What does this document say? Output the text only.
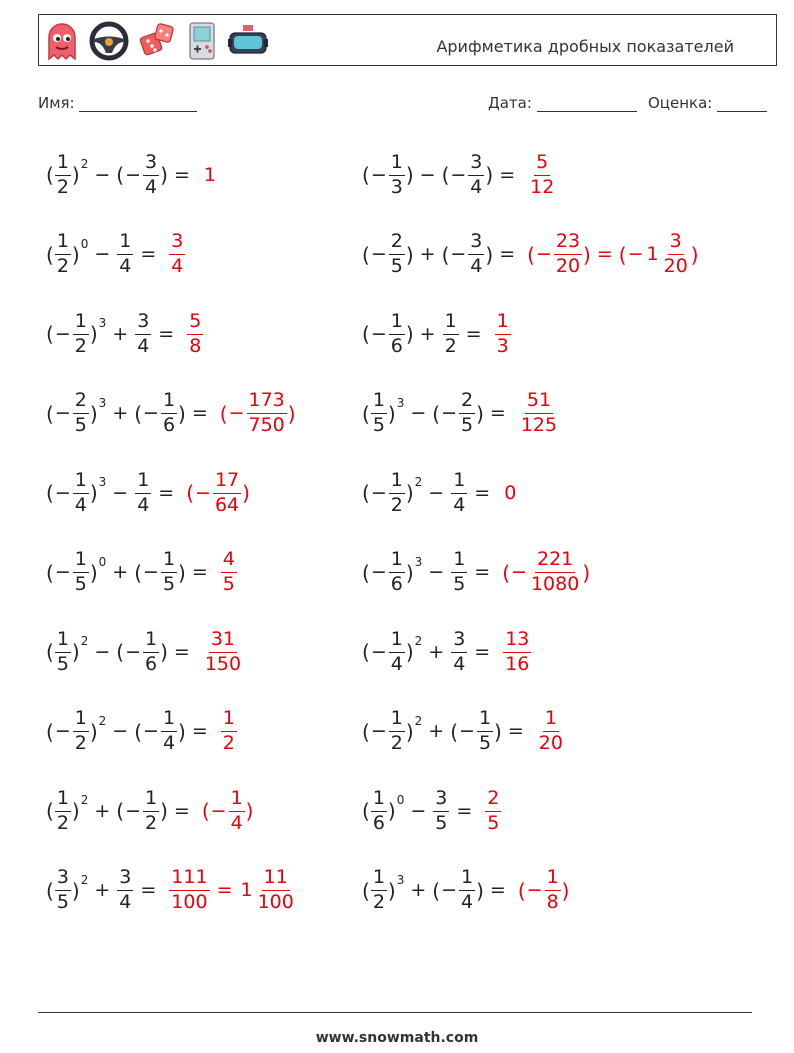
Арифметика дробных показателей
Имя:	Дата:	Оценка:
( $\frac{1}{2}$ ) 2 − ( − $\frac{3}{4}$ ) = 1	( − $\frac{1}{3}$ ) − ( − $\frac{3}{4}$ ) = $\frac{5}{12}$
( $\frac{1}{2}$ ) $0 - \frac{1}{4} = \frac{3}{4}$	( − $\frac{2}{5}$ ) + ( − $\frac{3}{4}$ ) = ( − $\frac{23}{20}$ ) = ( − $1 \frac{3}{20}$ )
( − $\frac{1}{2}$ ) $3 + \frac{3}{4} = \frac{5}{8}$	( − $\frac{1}{6}$ ) + $\frac{1}{2} = \frac{1}{3}$
( − $\frac{2}{5}$ ) 3 + ( − $\frac{1}{6}$ ) = ( − $\frac{173}{750}$ )	( $\frac{1}{5}$ ) 3 − ( − $\frac{2}{5}$ ) = $\frac{51}{125}$
( − $\frac{1}{4}$ ) $3 - \frac{1}{4}$ = ( − $\frac{17}{64}$ )	( − $\frac{1}{2}$ ) $2 - \frac{1}{4} = 0$
( − $\frac{1}{5}$ ) 0 + ( − $\frac{1}{5}$ ) = $\frac{4}{5}$	( − $\frac{1}{6}$ ) $3 - \frac{1}{5}$ = ( − $\frac{221}{1080}$ )
( $\frac{1}{5}$ ) 2 − ( − $\frac{1}{6}$ ) = $\frac{31}{150}$	( − $\frac{1}{4}$ ) $2 + \frac{3}{4} = \frac{13}{16}$
( − $\frac{1}{2}$ ) 2 − ( − $\frac{1}{4}$ ) = $\frac{1}{2}$	( − $\frac{1}{2}$ ) 2 + ( − $\frac{1}{5}$ ) = $\frac{1}{20}$
( $\frac{1}{2}$ ) 2 + ( − $\frac{1}{2}$ ) = ( − $\frac{1}{4}$ )	( $\frac{1}{6}$ ) $0 - \frac{3}{5} = \frac{2}{5}$
( $\frac{3}{5}$ ) $2 + \frac{3}{4} = \frac{111}{100} = 1 \frac{11}{100}$	( $\frac{1}{2}$ ) 3 + ( − $\frac{1}{4}$ ) = ( − $\frac{1}{8}$ )
www.snowmath.com
